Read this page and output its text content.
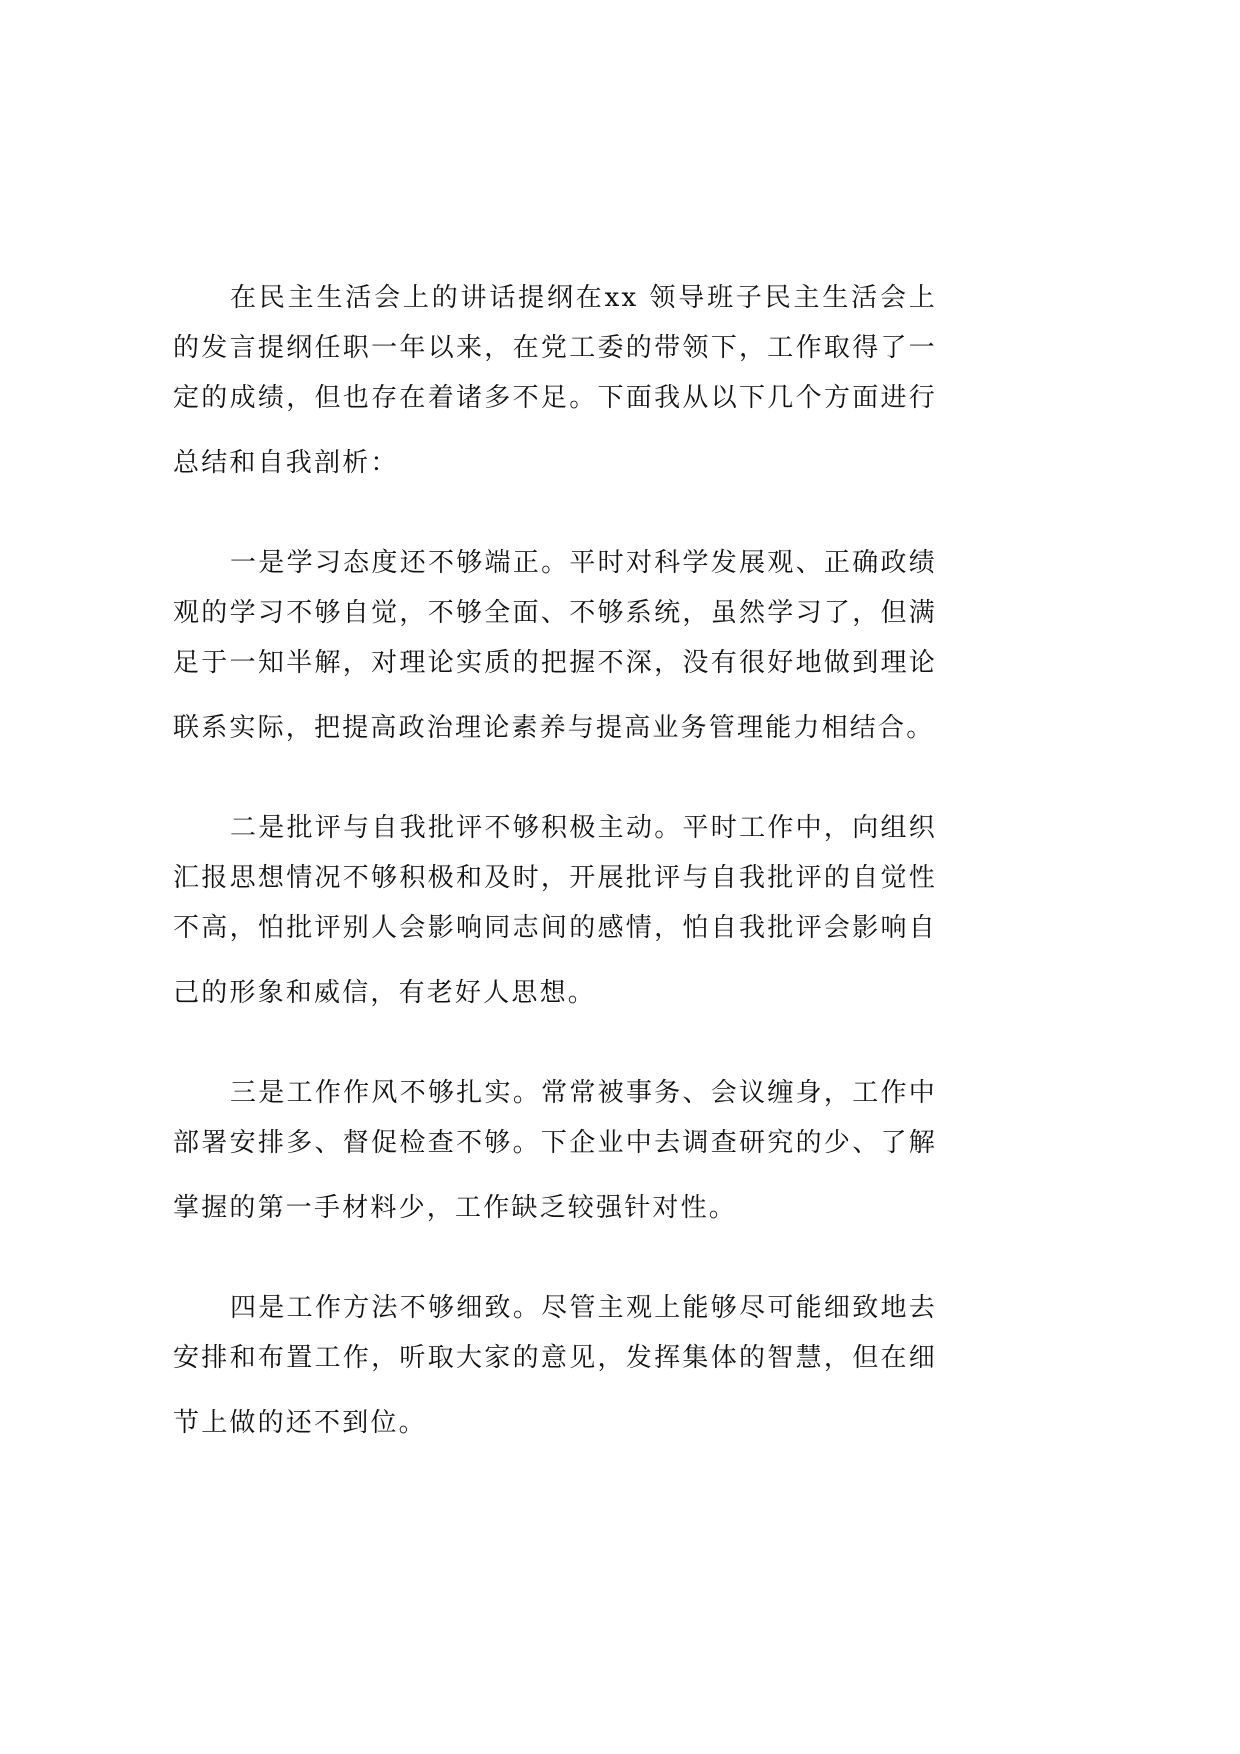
在民主生活会上的讲话提纲在xx 领导班子民主生活会上
的发言提纲任职一年以来，在党工委的带领下，工作取得了一
定的成绩，但也存在着诸多不足。下面我从以下几个方面进行
总结和自我剖析：
一是学习态度还不够端正。平时对科学发展观、正确政绩
观的学习不够自觉，不够全面、不够系统，虽然学习了，但满
足于一知半解，对理论实质的把握不深，没有很好地做到理论
联系实际，把提高政治理论素养与提高业务管理能力相结合。
二是批评与自我批评不够积极主动。平时工作中，向组织
汇报思想情况不够积极和及时，开展批评与自我批评的自觉性
不高，怕批评别人会影响同志间的感情，怕自我批评会影响自
己的形象和威信，有老好人思想。
三是工作作风不够扎实。常常被事务、会议缠身，工作中
部署安排多、督促检查不够。下企业中去调查研究的少、了解
掌握的第一手材料少，工作缺乏较强针对性。
四是工作方法不够细致。尽管主观上能够尽可能细致地去
安排和布置工作，听取大家的意见，发挥集体的智慧，但在细
节上做的还不到位。
